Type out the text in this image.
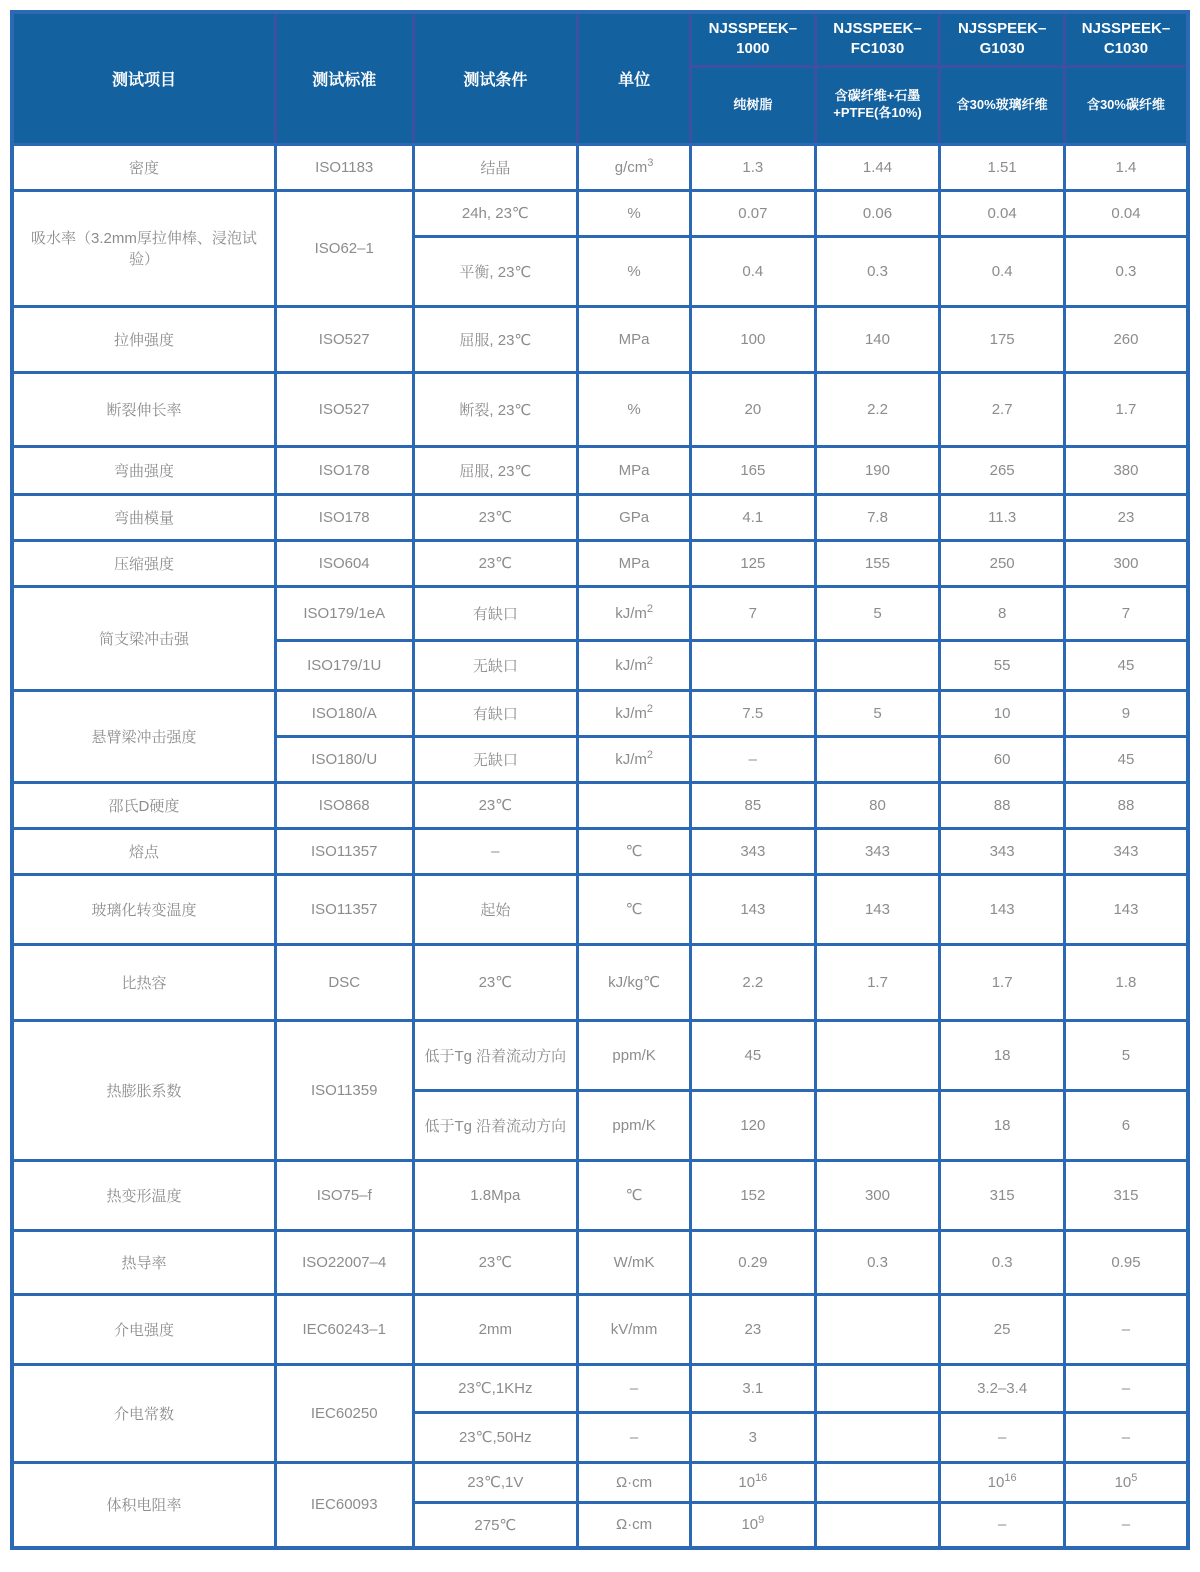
测试项目	测试标准	测试条件	单位	NJSSPEEK–1000	NJSSPEEK–FC1030	NJSSPEEK–G1030	NJSSPEEK–C1030
				纯树脂	含碳纤维+石墨+PTFE(各10%)	含30%玻璃纤维	含30%碳纤维
密度	ISO1183	结晶	$g/cm^3$	1.3	1.44	1.51	1.4
吸水率（3.2mm厚拉伸棒、浸泡试验）	ISO62–1	24h, 23℃	%	0.07	0.06	0.04	0.04
		平衡, 23℃	%	0.4	0.3	0.4	0.3
拉伸强度	ISO527	屈服, 23℃	MPa	100	140	175	260
断裂伸长率	ISO527	断裂, 23℃	%	20	2.2	2.7	1.7
弯曲强度	ISO178	屈服, 23℃	MPa	165	190	265	380
弯曲模量	ISO178	23℃	GPa	4.1	7.8	11.3	23
压缩强度	ISO604	23℃	MPa	125	155	250	300
简支梁冲击强	ISO179/1eA	有缺口	$kJ/m^2$	7	5	8	7
	ISO179/1U	无缺口	$kJ/m^2$			55	45
悬臂梁冲击强度	ISO180/A	有缺口	$kJ/m^2$	7.5	5	10	9
	ISO180/U	无缺口	$kJ/m^2$	–		60	45
邵氏D硬度	ISO868	23℃		85	80	88	88
熔点	ISO11357	–	℃	343	343	343	343
玻璃化转变温度	ISO11357	起始	℃	143	143	143	143
比热容	DSC	23℃	kJ/kg℃	2.2	1.7	1.7	1.8
热膨胀系数	ISO11359	低于Tg 沿着流动方向	ppm/K	45		18	5
		低于Tg 沿着流动方向	ppm/K	120		18	6
热变形温度	ISO75–f	1.8Mpa	℃	152	300	315	315
热导率	ISO22007–4	23℃	W/mK	0.29	0.3	0.3	0.95
介电强度	IEC60243–1	2mm	kV/mm	23		25	–
介电常数	IEC60250	23℃,1KHz	–	3.1		3.2–3.4	–
		23℃,50Hz	–	3		–	–
体积电阻率	IEC60093	23℃,1V	Ω·cm	$10^{16}$		$10^{16}$	$10^5$
		275℃	Ω·cm	$10^9$		–	–
